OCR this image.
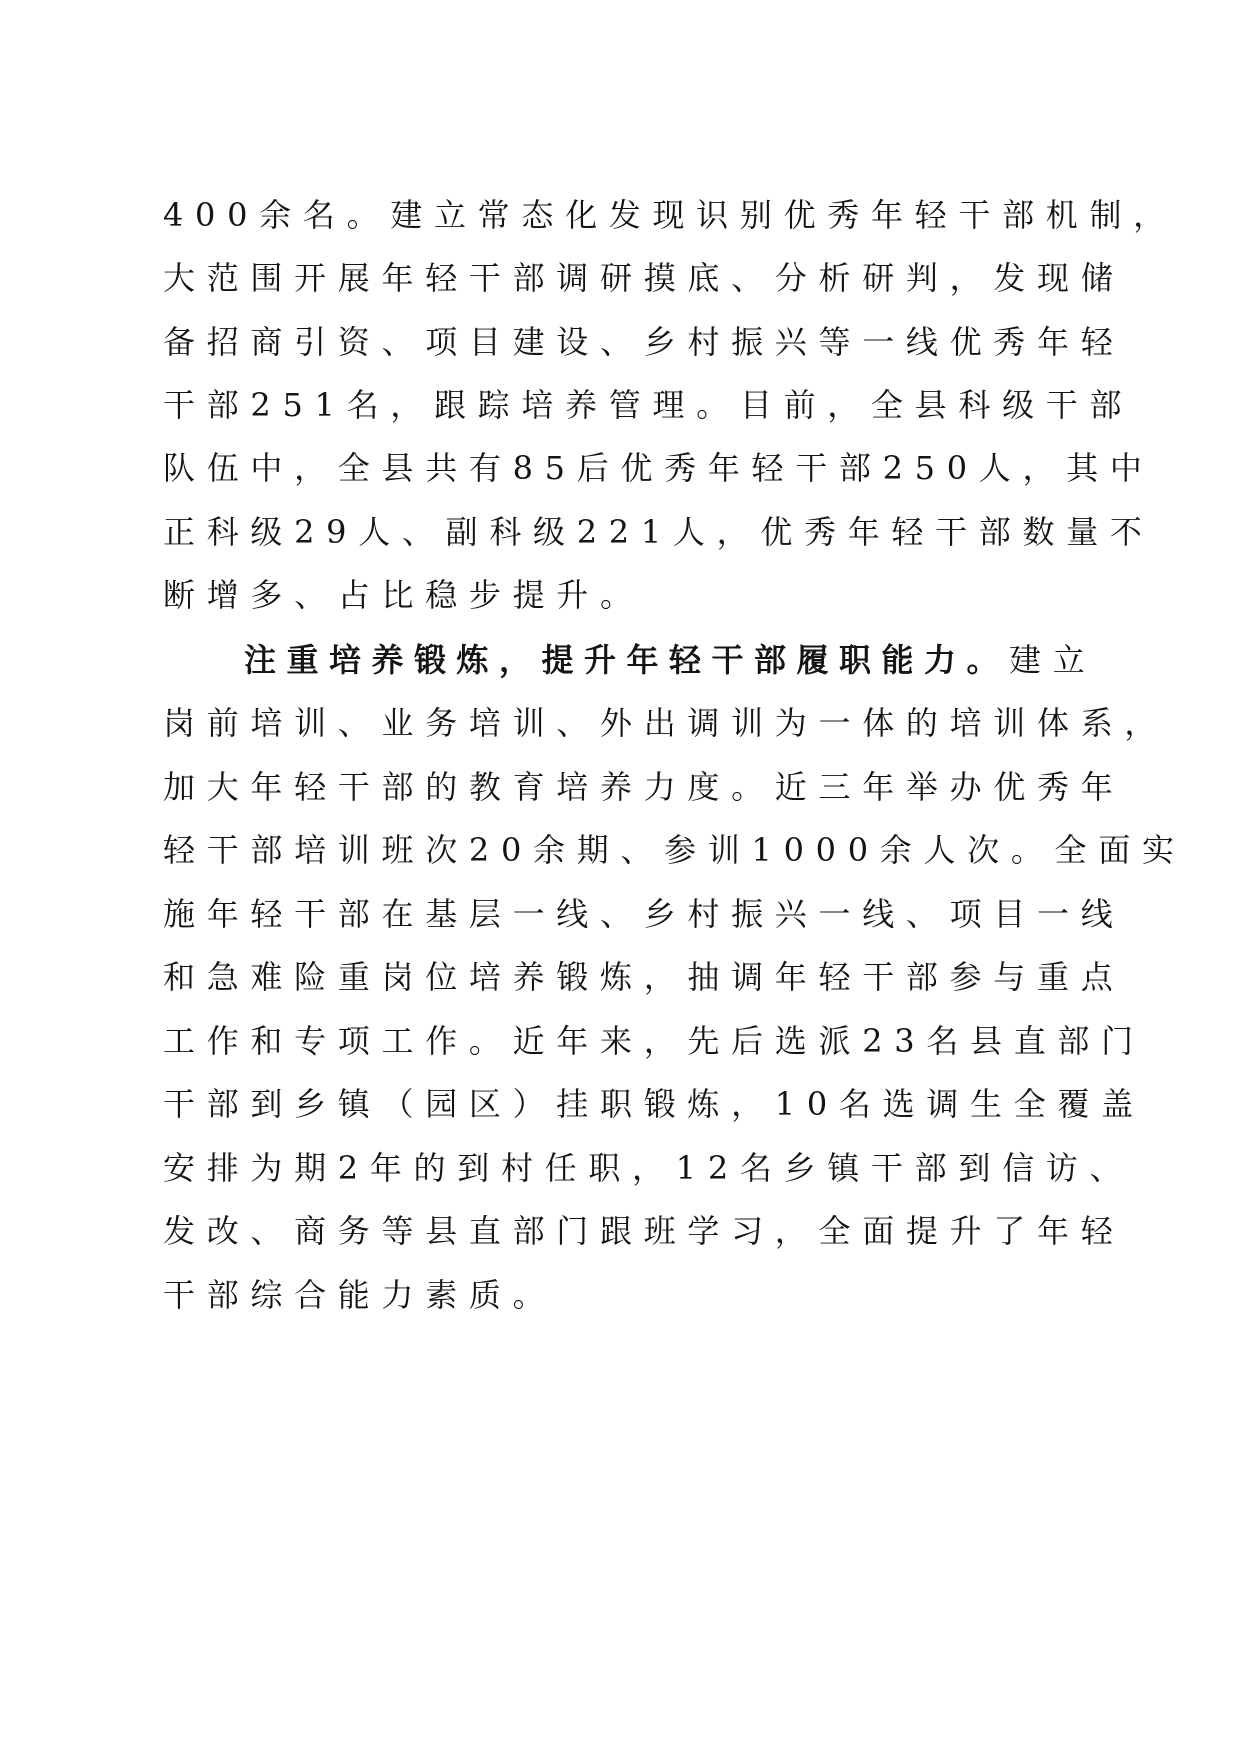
400余名。建立常态化发现识别优秀年轻干部机制，
大范围开展年轻干部调研摸底、分析研判，发现储
备招商引资、项目建设、乡村振兴等一线优秀年轻
干部251名，跟踪培养管理。目前，全县科级干部
队伍中，全县共有85后优秀年轻干部250人，其中
正科级29人、副科级221人，优秀年轻干部数量不
断增多、占比稳步提升。
注重培养锻炼，提升年轻干部履职能力。建立
岗前培训、业务培训、外出调训为一体的培训体系，
加大年轻干部的教育培养力度。近三年举办优秀年
轻干部培训班次20余期、参训1000余人次。全面实
施年轻干部在基层一线、乡村振兴一线、项目一线
和急难险重岗位培养锻炼，抽调年轻干部参与重点
工作和专项工作。近年来，先后选派23名县直部门
干部到乡镇（园区）挂职锻炼，10名选调生全覆盖
安排为期2年的到村任职，12名乡镇干部到信访、
发改、商务等县直部门跟班学习，全面提升了年轻
干部综合能力素质。
